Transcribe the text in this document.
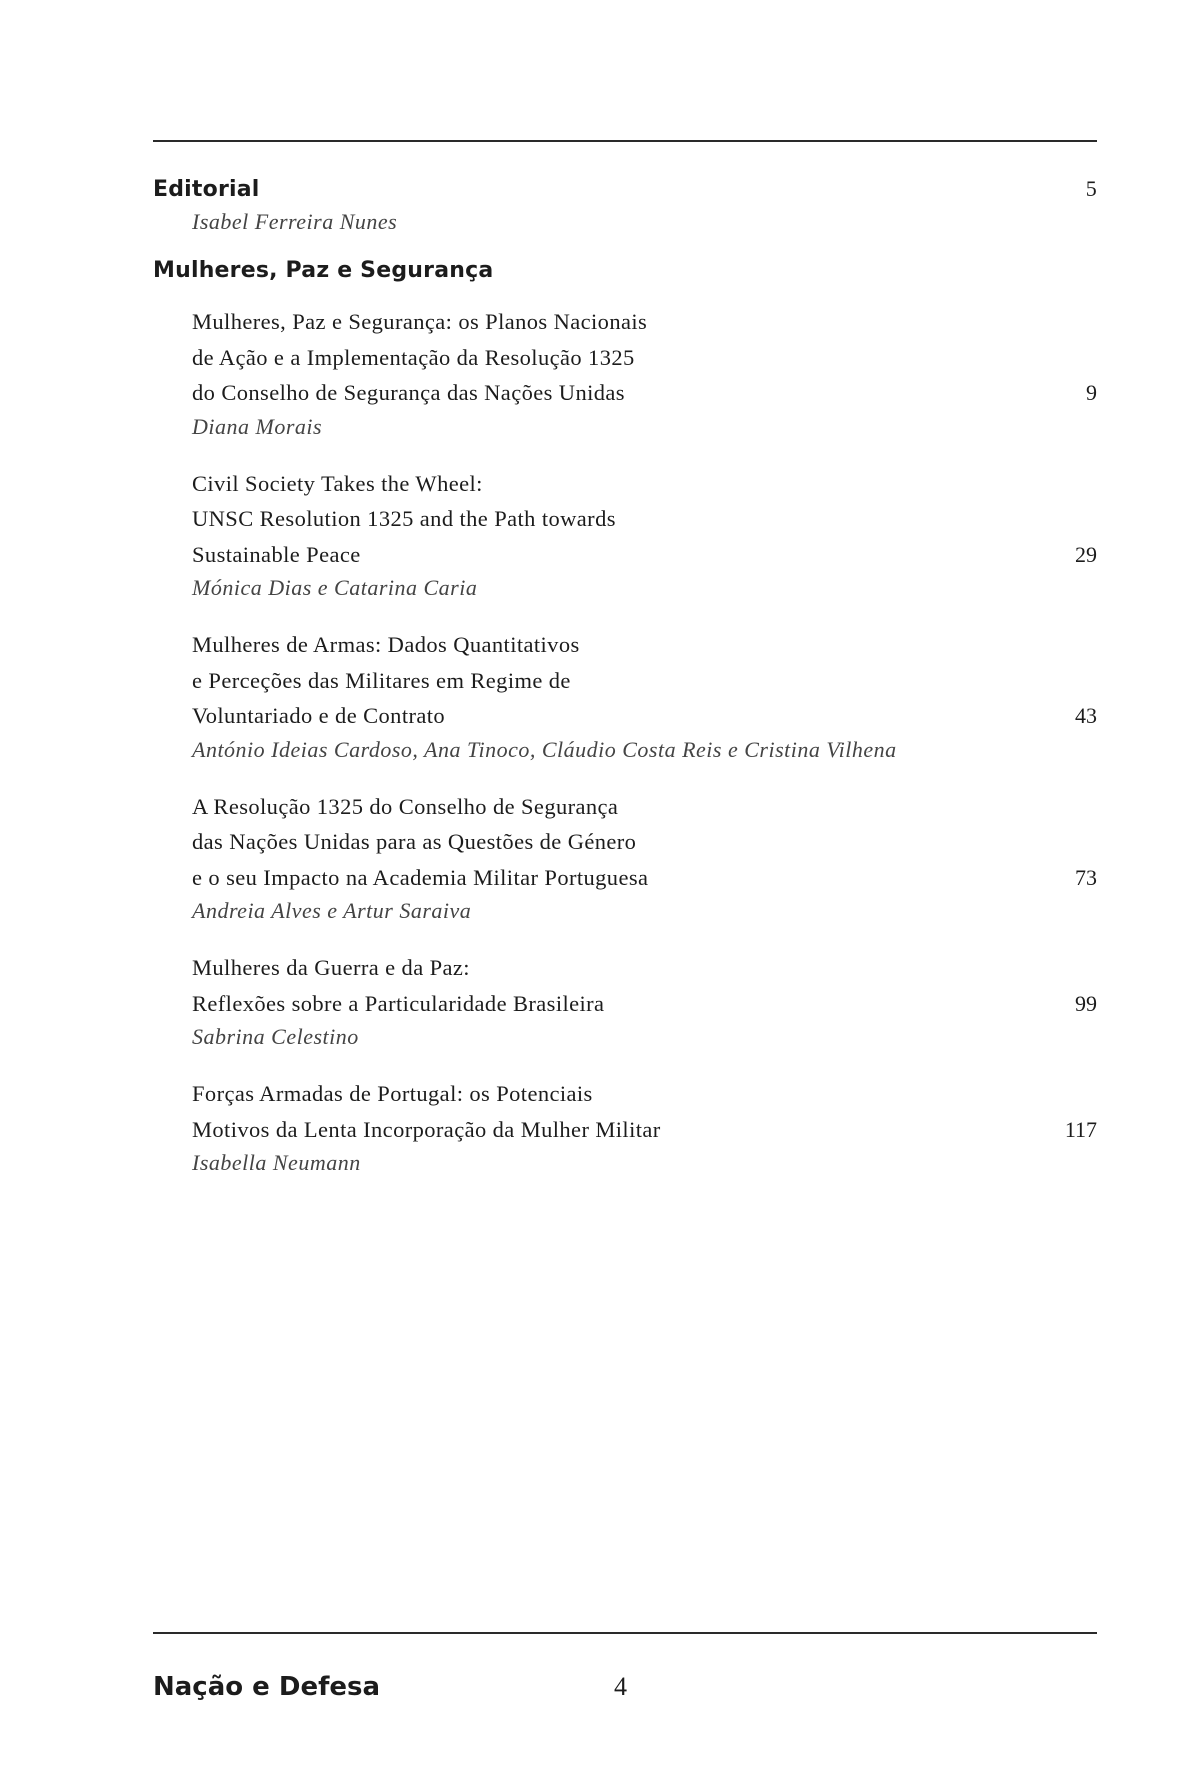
Editorial	5
Isabel Ferreira Nunes
Mulheres, Paz e Segurança
Mulheres, Paz e Segurança: os Planos Nacionais
de Ação e a Implementação da Resolução 1325
do Conselho de Segurança das Nações Unidas	9
Diana Morais
Civil Society Takes the Wheel:
UNSC Resolution 1325 and the Path towards
Sustainable Peace	29
Mónica Dias e Catarina Caria
Mulheres de Armas: Dados Quantitativos
e Perceções das Militares em Regime de
Voluntariado e de Contrato	43
António Ideias Cardoso, Ana Tinoco, Cláudio Costa Reis e Cristina Vilhena
A Resolução 1325 do Conselho de Segurança
das Nações Unidas para as Questões de Género
e o seu Impacto na Academia Militar Portuguesa	73
Andreia Alves e Artur Saraiva
Mulheres da Guerra e da Paz:
Reflexões sobre a Particularidade Brasileira	99
Sabrina Celestino
Forças Armadas de Portugal: os Potenciais
Motivos da Lenta Incorporação da Mulher Militar	117
Isabella Neumann
Nação e Defesa	4
